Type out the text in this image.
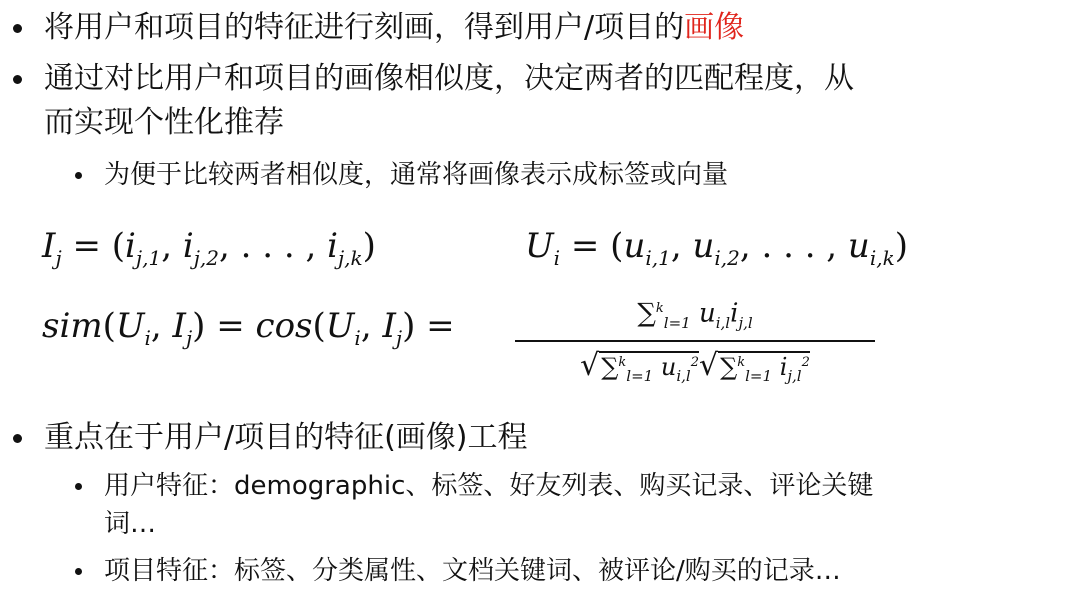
将用户和项目的特征进行刻画，得到用户/项目的画像
通过对比用户和项目的画像相似度，决定两者的匹配程度，从
而实现个性化推荐
为便于比较两者相似度，通常将画像表示成标签或向量
$I_j = (i_{j,1}$, $i_{j,2}$, . . . , $i_{j,k}$)	$U_i = (u_{i,1}$, $u_{i,2}$, . . . , $u_{i,k}$)
$sim(U_i$, $I_j) = \cos(U_i$, $I_j$) =	∑$^k_{l=1}$ $u_{i,l}i_{j,l}$
√∑$^k_{l=1}$ $u_{i,l}^2√\sum^k_{l=1}$ $i_{j,l}^2$
重点在于用户/项目的特征(画像)工程
用户特征：demographic、标签、好友列表、购买记录、评论关键
词…
项目特征：标签、分类属性、文档关键词、被评论/购买的记录…
